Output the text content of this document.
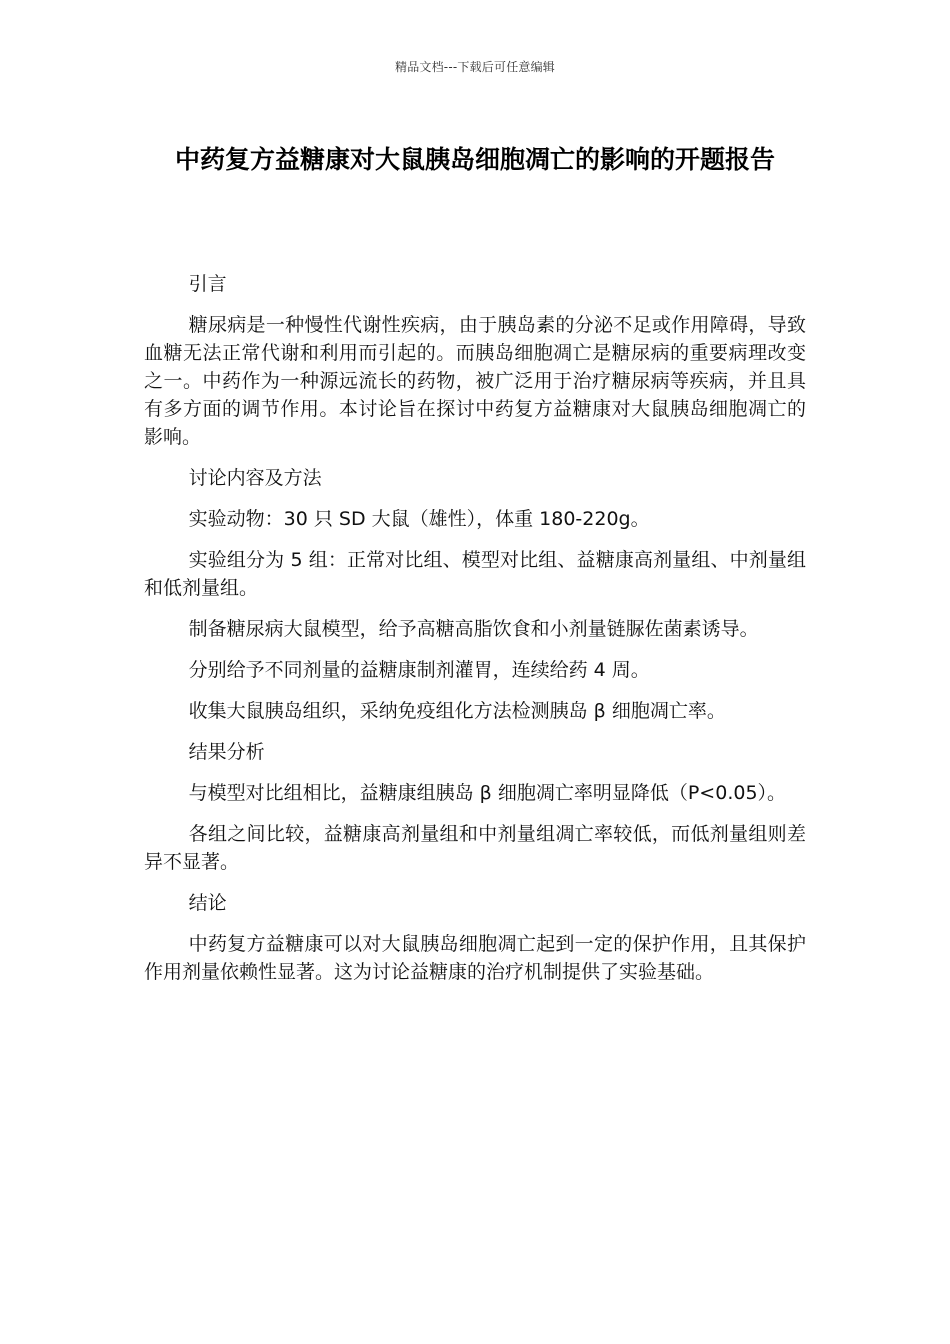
精品文档---下载后可任意编辑
中药复方益糖康对大鼠胰岛细胞凋亡的影响的开题报告

引言

糖尿病是一种慢性代谢性疾病，由于胰岛素的分泌不足或作用障碍，导致血糖无法正常代谢和利用而引起的。而胰岛细胞凋亡是糖尿病的重要病理改变之一。中药作为一种源远流长的药物，被广泛用于治疗糖尿病等疾病，并且具有多方面的调节作用。本讨论旨在探讨中药复方益糖康对大鼠胰岛细胞凋亡的影响。

讨论内容及方法

实验动物：30 只 SD 大鼠（雄性），体重 180-220g。

实验组分为 5 组：正常对比组、模型对比组、益糖康高剂量组、中剂量组和低剂量组。

制备糖尿病大鼠模型，给予高糖高脂饮食和小剂量链脲佐菌素诱导。

分别给予不同剂量的益糖康制剂灌胃，连续给药 4 周。

收集大鼠胰岛组织，采纳免疫组化方法检测胰岛 β 细胞凋亡率。

结果分析

与模型对比组相比，益糖康组胰岛 β 细胞凋亡率明显降低（P<0.05）。

各组之间比较，益糖康高剂量组和中剂量组凋亡率较低，而低剂量组则差异不显著。

结论

中药复方益糖康可以对大鼠胰岛细胞凋亡起到一定的保护作用，且其保护作用剂量依赖性显著。这为讨论益糖康的治疗机制提供了实验基础。
